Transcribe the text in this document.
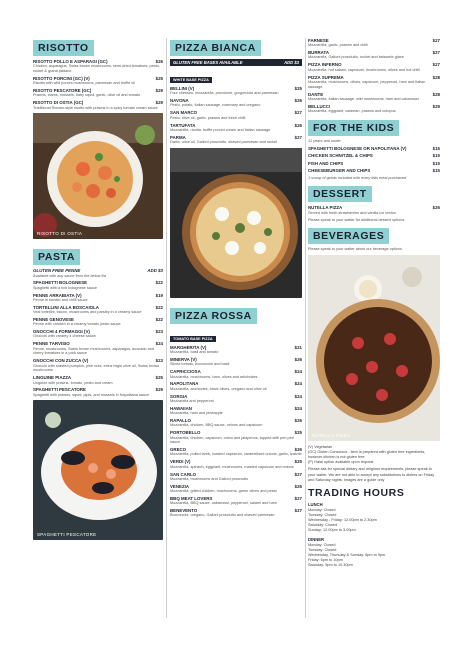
RISOTTO
RISOTTO POLLO E ASPARAGI (GC)	$26
Chicken, asparagus, Swiss brown mushrooms, semi-dried tomatoes, pesto, rocket & grana padano
RISOTTO PORCINI (GC) (V)	$25
Risotto with wild porcini mushrooms, parmesan and truffle oil
RISOTTO PESCATORE (GC)	$29
Prawns, clams, mussels, baby squid, garlic, olive oil and tomato
RISOTTO DI OSTIA (GC)	$29
Traditional Roman-style risotto with prawns in a spicy tomato cream sauce
RISOTTO DI OSTIA
PASTA
GLUTEN FREE PENNE	ADD $3
Available with any sauce from the below list
SPAGHETTI BOLOGNESE	$22
Spaghetti with a rich bolognese sauce
PENNE ARRABIATA (V)	$19
Penne in tomato and chilli sauce
TORTELLINI ALLA BOSCAIOLA	$22
Veal tortellini, bacon, mushrooms and parsley in a creamy sauce
PENNE GENOVESE	$22
Penne with chicken in a creamy tomato pesto sauce
GNOCCHI 4 FORMAGGI (V)	$23
Gnocchi with creamy 4 cheese sauce
PENNE TARVISIO	$24
Penne, mushrooms, Swiss brown mushrooms, asparagus, avocado and cherry tomatoes in a pork sauce
GNOCCHI CON ZUCCA (V)	$23
Gnocchi with roasted pumpkin, pine nuts, extra virgin olive oil, Swiss brown mushrooms
LINGUINE PIAZZA	$25
Linguine with prawns, tomato, pesto and cream
SPAGHETTI PESCATORE	$29
Spaghetti with prawns, squid, pipis, and mussels in Napolitana sauce
SPAGHETTI PESCATORE
PIZZA BIANCA
GLUTEN FREE BASES AVAILABLE	ADD $3
WHITE BASE PIZZA
BELLINI (V)	$25
Four cheeses, mozzarella, provolone, gorgonzola and parmesan
NAVONA	$26
Pesto, potato, Italian sausage, rosemary and oregano
SAN MARCO	$27
Pesto, olive oil, garlic, prawns and fresh chilli
TARTUFATA	$26
Mozzarella, ricotta, truffle porcini cream and Italian sausage
PARMA	$27
Garlic, olive oil, Galloni prosciutto, shaved parmesan and rocket
PIZZA ROSSA
TOMATO BASE PIZZA
MARGHERITA (V)	$21
Mozzarella, basil and tomato
MINERVA (V)	$26
Sliced tomato, bocconcini and basil
CAPRICCIOSA	$24
Mozzarella, mushrooms, ham, olives and artichokes
NAPOLITANA	$24
Mozzarella, anchovies, black olives, oregano and olive oil
SORGIA	$24
Mozzarella and pepperoni
HAWAIIAN	$24
Mozzarella, ham and pineapple
RAPALLO	$26
Mozzarella, chicken, BBQ sauce, onions and capsicum
PORTOBELLO	$25
Mozzarella, chicken, capsicum, onion and jalapenos, topped with peri peri sauce
GRECO	$26
Mozzarella, pulled lamb, roasted capsicum, caramelised onions, garlic, tzatziki
VERDI (V)	$25
Mozzarella, spinach, eggplant, mushrooms, roasted capsicum and onions
SAN CARLO	$27
Mozzarella, mushrooms and Galloni prosciutto
VENEZIA	$26
Mozzarella, grilled chicken, mushrooms, green olives and pesto
BBQ MEAT LOVERS	$27
Mozzarella, BBQ sauce, cabanossi, pepperoni, salami and ham
BENEVENTO	$27
Bocconcini, oregano, Galloni prosciutto and shaved parmesan
FARNESE	$27
Mozzarella, garlic, prawns and chilli
BURRATA	$27
Mozzarella, Galloni prosciutto, rocket and balsamic glaze
PIZZA INFERNO	$27
Mozzarella, hot salami, capsicum, mushrooms, olives and hot chilli
PIZZA SUPREMA	$28
Mozzarella, mushrooms, olives, capsicum, pepperoni, ham and Italian sausage
DANTE	$28
Mozzarella, Italian sausage, wild mushrooms, ham and cabanossi
BELLUCCI	$29
Mozzarella, eggplant, calamari, prawns and octopus
FOR THE KIDS
12 years and under
SPAGHETTI BOLOGNESE OR NAPOLITANA (V)	$15
CHICKEN SCHNITZEL & CHIPS	$15
FISH AND CHIPS	$15
CHEESEBURGER AND CHIPS	$15
1 scoop of gelato included with every kids meal purchased
DESSERT
NUTELLA PIZZA	$26
Served with fresh strawberries and vanilla ice cream
Please speak to your waiter for additional dessert options
BEVERAGES
Please speak to your waiter about our beverage options
NUTELLA PIZZA
(V) Vegetarian
(GC) Gluten Conscious - item is prepared with gluten free ingredients, however kitchen is not gluten free
(P) Halal option available upon request
Please ask for special dietary and religious requirements, please speak to your waiter. We are not able to accept any substitutions to dishes on Friday and Saturday nights. Images are a guide only
TRADING HOURS
LUNCH
Monday: Closed
Tuesday: Closed
Wednesday - Friday: 12.00pm to 2.30pm
Saturday: Closed
Sunday: 12.00pm to 3.00pm
DINNER
Monday: Closed
Tuesday: Closed
Wednesday, Thursday & Sunday: 6pm to 9pm
Friday: 6pm to 10pm
Saturday: 5pm to 10.30pm
